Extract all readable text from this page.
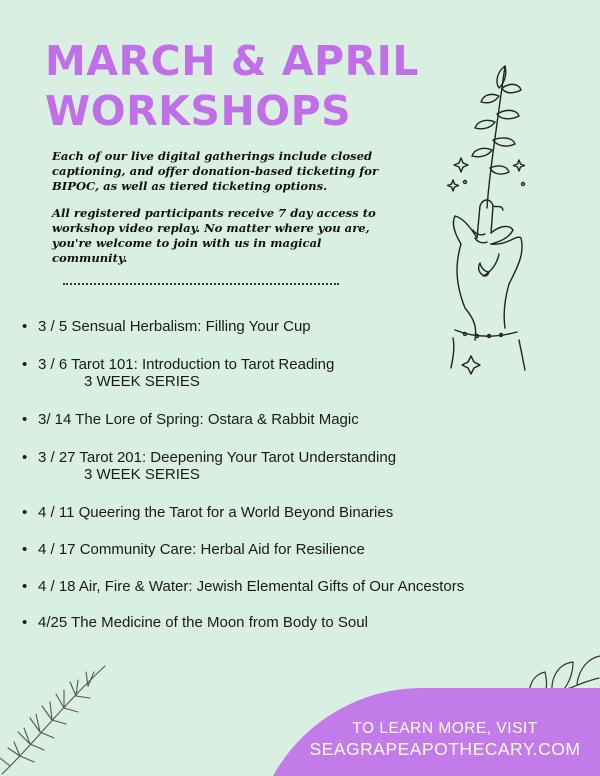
MARCH & APRIL
WORKSHOPS

Each of our live digital gatherings include closed captioning, and offer donation-based ticketing for BIPOC, as well as tiered ticketing options.

All registered participants receive 7 day access to workshop video replay. No matter where you are, you're welcome to join with us in magical community.

• 3 / 5 Sensual Herbalism: Filling Your Cup
• 3 / 6 Tarot 101: Introduction to Tarot Reading
3 WEEK SERIES
• 3/ 14 The Lore of Spring: Ostara & Rabbit Magic
• 3 / 27 Tarot 201: Deepening Your Tarot Understanding
3 WEEK SERIES
• 4 / 11 Queering the Tarot for a World Beyond Binaries
• 4 / 17 Community Care: Herbal Aid for Resilience
• 4 / 18 Air, Fire & Water: Jewish Elemental Gifts of Our Ancestors
• 4/25 The Medicine of the Moon from Body to Soul
TO LEARN MORE, VISIT
SEAGRAPEAPOTHECARY.COM
